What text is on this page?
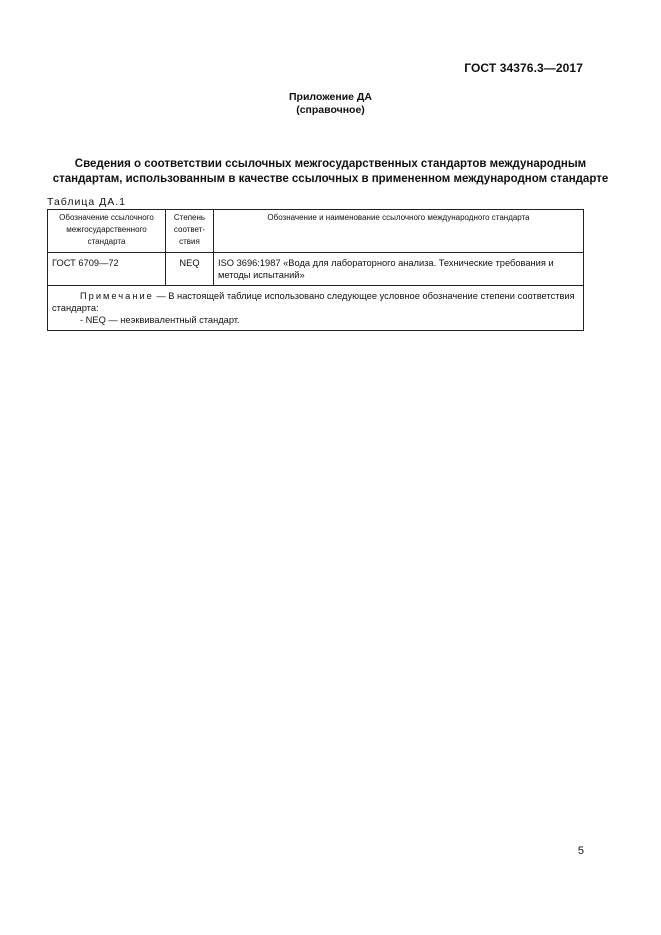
ГОСТ 34376.3—2017
Приложение ДА
(справочное)
Сведения о соответствии ссылочных межгосударственных стандартов международным
стандартам, использованным в качестве ссылочных в примененном международном стандарте
Таблица ДА.1
Обозначение ссылочного межгосударственного стандарта	Степень соответствия	Обозначение и наименование ссылочного международного стандарта
ГОСТ 6709—72	NEQ	ISO 3696:1987 «Вода для лабораторного анализа. Технические требования и методы испытаний»

Примечание — В настоящей таблице использовано следующее условное обозначение степени соответствия стандарта:
- NEQ — неэквивалентный стандарт.		
5
